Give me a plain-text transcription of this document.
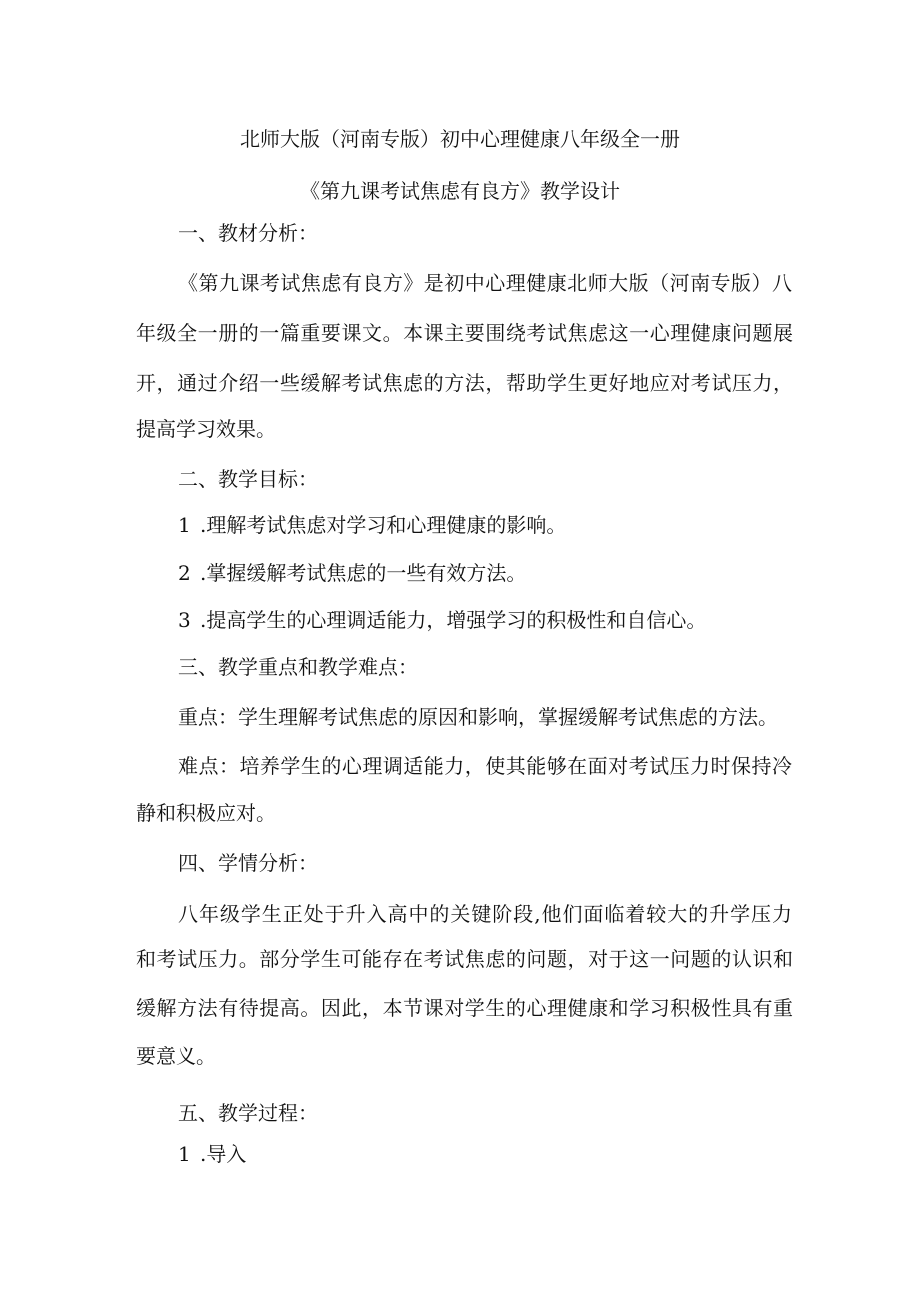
北师大版（河南专版）初中心理健康八年级全一册

《第九课考试焦虑有良方》教学设计

一、教材分析：

《第九课考试焦虑有良方》是初中心理健康北师大版（河南专版）八

年级全一册的一篇重要课文。本课主要围绕考试焦虑这一心理健康问题展

开，通过介绍一些缓解考试焦虑的方法，帮助学生更好地应对考试压力，

提高学习效果。

二、教学目标：

1 .理解考试焦虑对学习和心理健康的影响。

2 .掌握缓解考试焦虑的一些有效方法。

3 .提高学生的心理调适能力，增强学习的积极性和自信心。

三、教学重点和教学难点：

重点：学生理解考试焦虑的原因和影响，掌握缓解考试焦虑的方法。

难点：培养学生的心理调适能力，使其能够在面对考试压力时保持冷

静和积极应对。

四、学情分析：

八年级学生正处于升入高中的关键阶段,他们面临着较大的升学压力

和考试压力。部分学生可能存在考试焦虑的问题，对于这一问题的认识和

缓解方法有待提高。因此，本节课对学生的心理健康和学习积极性具有重

要意义。

五、教学过程：

1 .导入
